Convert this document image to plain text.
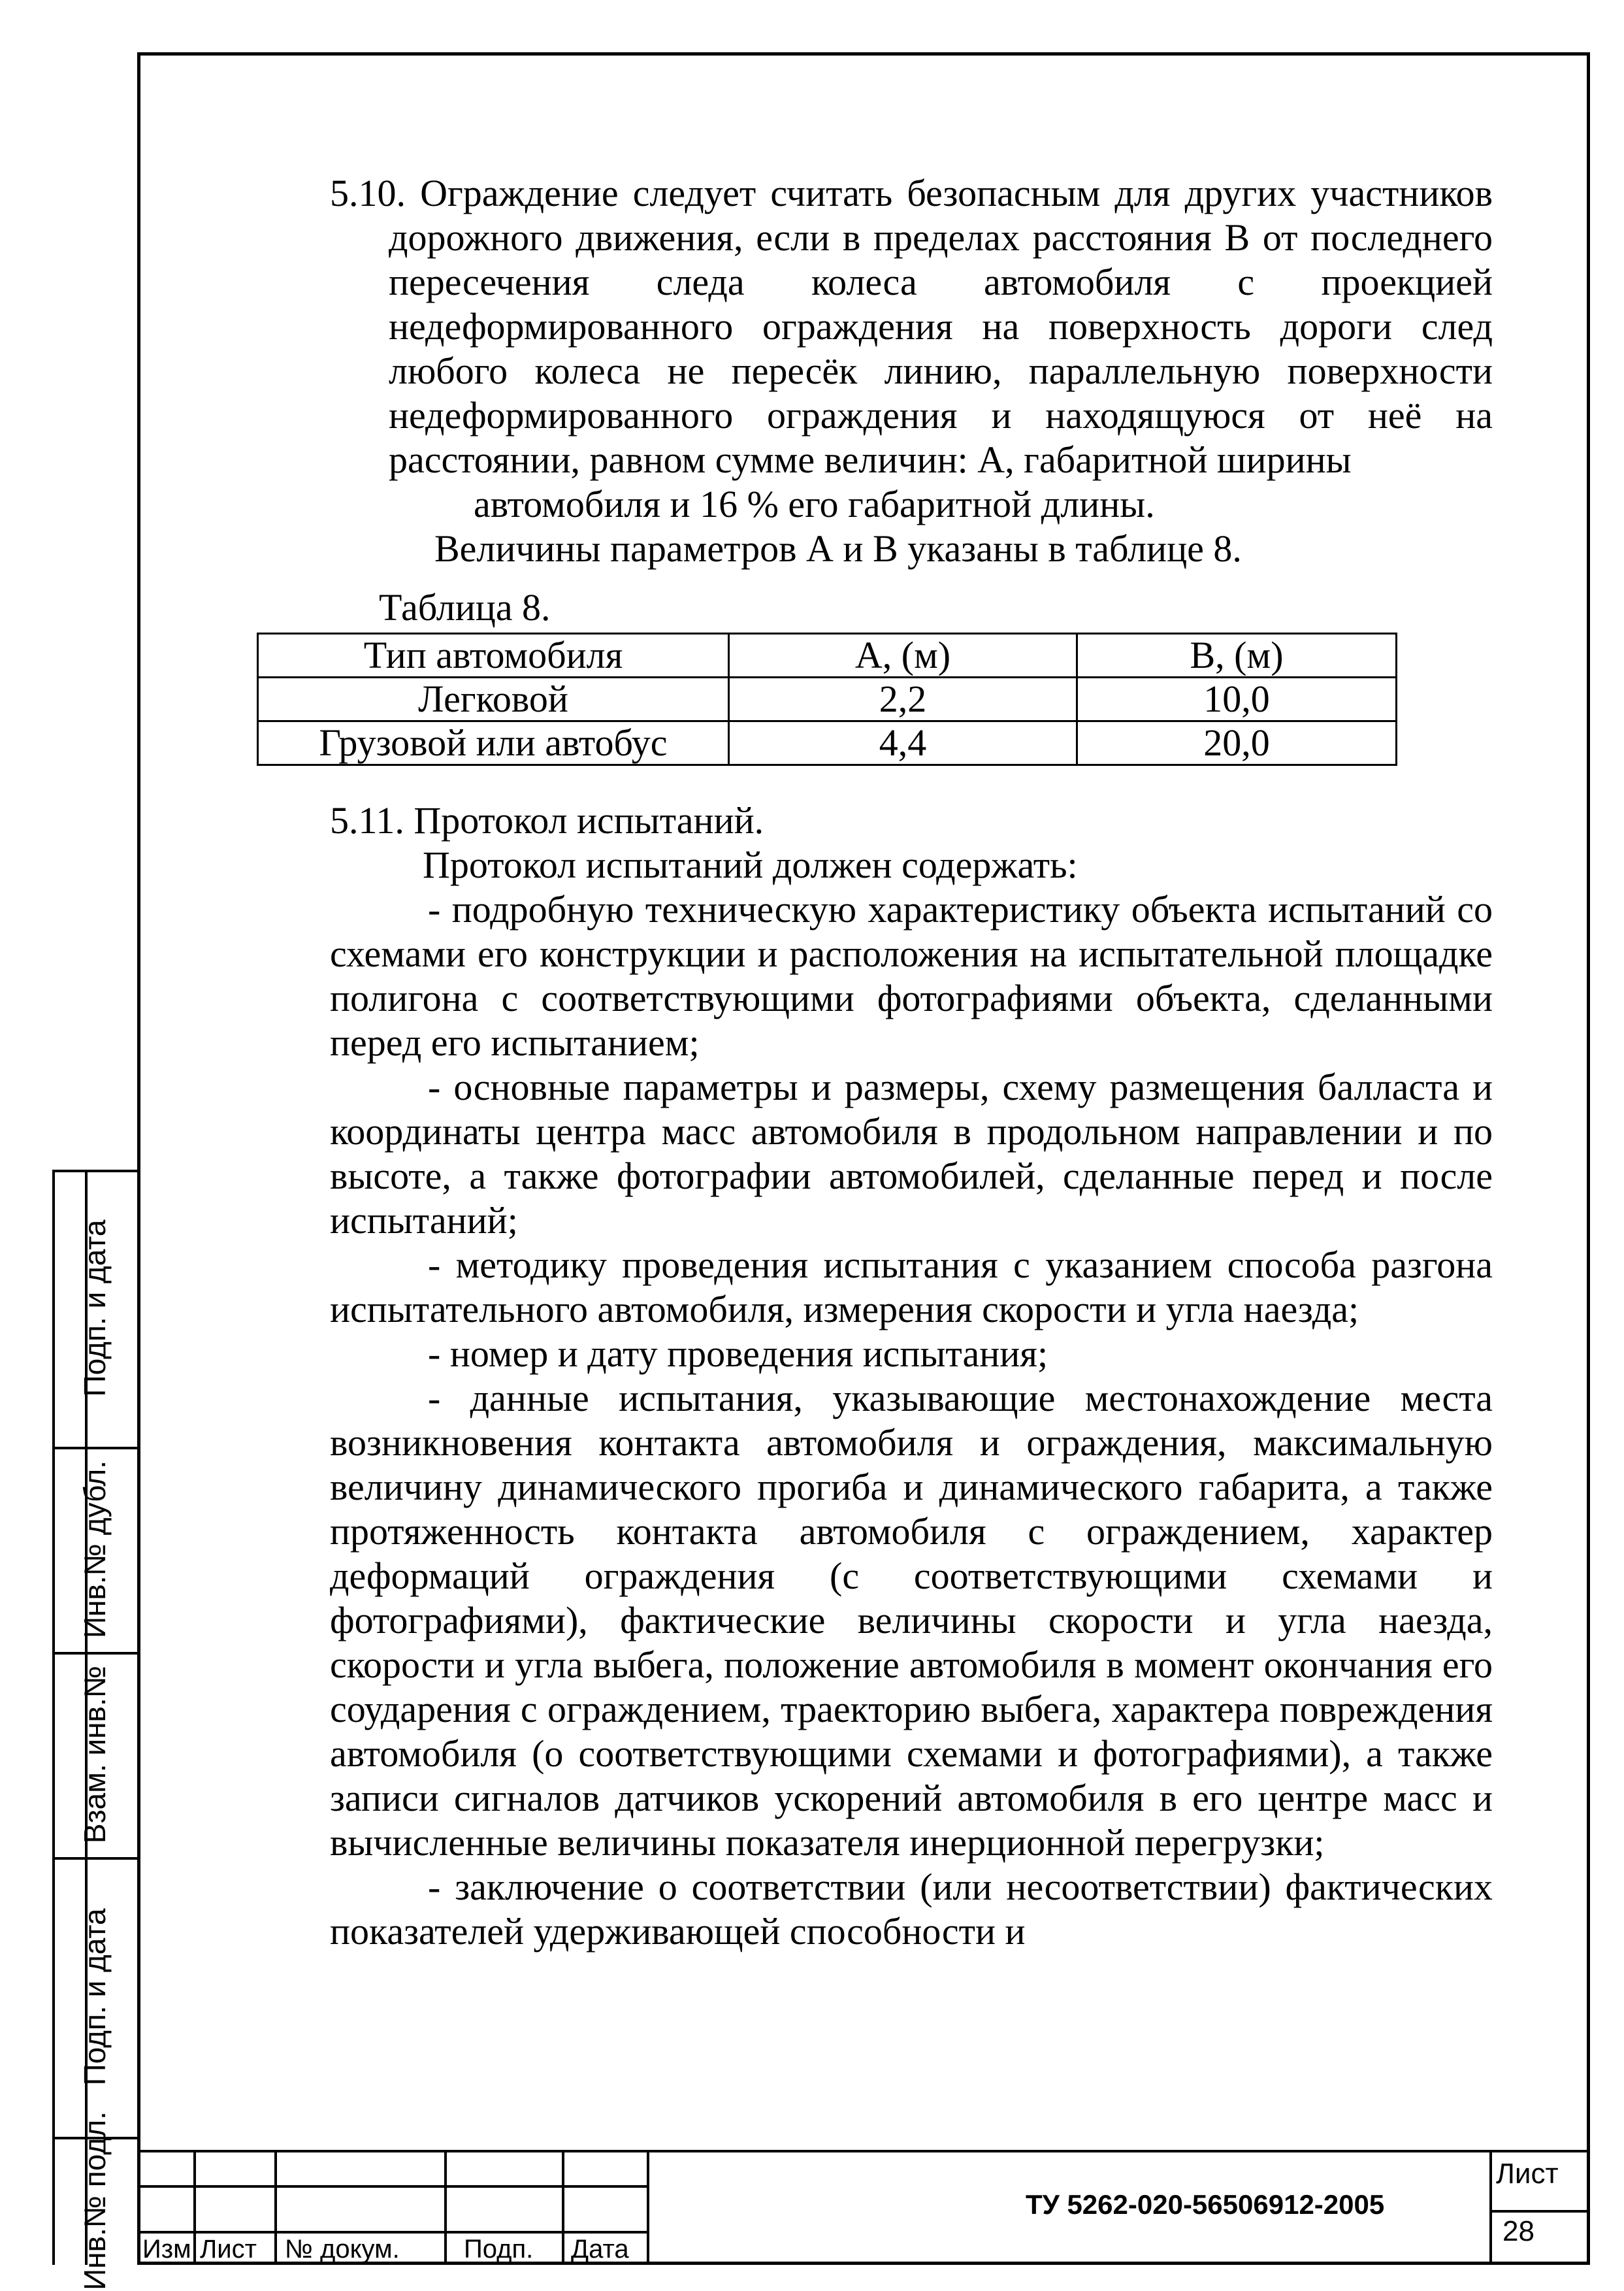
5.10. Ограждение следует считать безопасным для других участников дорожного движения, если в пределах расстояния В от последнего пересечения следа колеса автомобиля с проекцией недеформированного ограждения на поверхность дороги след любого колеса не пересёк линию, параллельную поверхности недеформированного ограждения и находящуюся от неё на расстоянии, равном сумме величин: А, габаритной ширины

автомобиля и 16 % его габаритной длины.

Величины параметров А и В указаны в таблице 8.

Таблица 8.

Тип автомобиля	А, (м)	В, (м)
Легковой	2,2	10,0
Грузовой или автобус	4,4	20,0

5.11. Протокол испытаний.

Протокол испытаний должен содержать:

- подробную техническую характеристику объекта испытаний со схемами его конструкции и расположения на испытательной площадке полигона с соответствующими фотографиями объекта, сделанными перед его испытанием;

- основные параметры и размеры, схему размещения балласта и координаты центра масс автомобиля в продольном направлении и по высоте, а также фотографии автомобилей, сделанные перед и после испытаний;

- методику проведения испытания с указанием способа разгона испытательного автомобиля, измерения скорости и угла наезда;

- номер и дату проведения испытания;

- данные испытания, указывающие местонахождение места возникновения контакта автомобиля и ограждения, максимальную величину динамического прогиба и динамического габарита, а также протяженность контакта автомобиля с ограждением, характер деформаций ограждения (с соответствующими схемами и фотографиями), фактические величины скорости и угла наезда, скорости и угла выбега, положение автомобиля в момент окончания его соударения с ограждением, траекторию выбега, характера повреждения автомобиля (о соответствующими схемами и фотографиями), а также записи сигналов датчиков ускорений автомобиля в его центре масс и вычисленные величины показателя инерционной перегрузки;

- заключение о соответствии (или несоответствии) фактических показателей удерживающей способности и

Подп. и дата
Инв.№ дубл.
Взам. инв.№
Подп. и дата
Инв.№ подл. Изм. Лист № докум. Подп. Дата
ТУ 5262-020-56506912-2005
Лист
28
